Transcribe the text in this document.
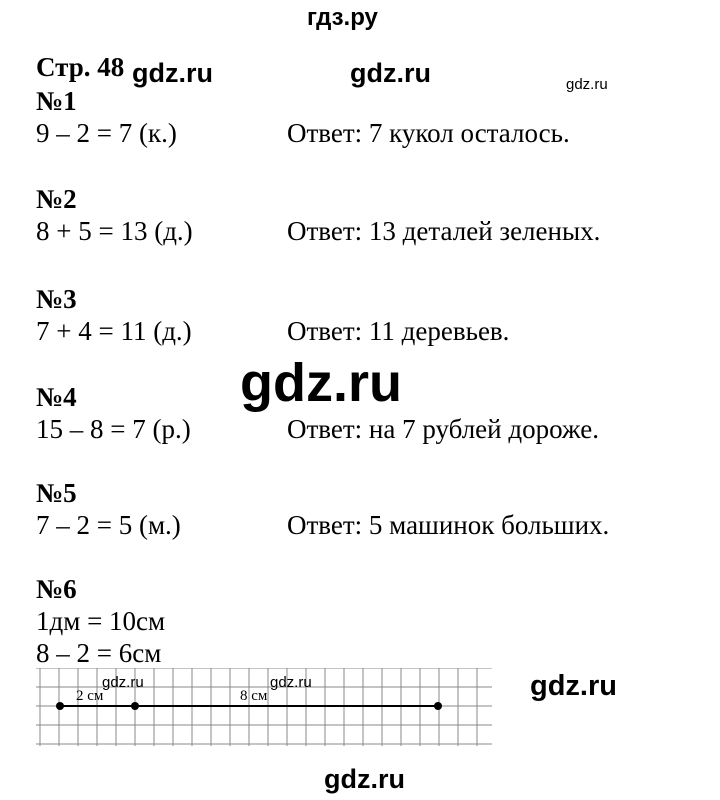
гдз.ру
gdz.ru	gdz.ru	gdz.ru
gdz.ru
gdz.ru
gdz.ru
Стр. 48
№1
9 – 2 = 7 (к.)	Ответ: 7 кукол осталось.
№2
8 + 5 = 13 (д.)	Ответ: 13 деталей зеленых.
№3
7 + 4 = 11 (д.)	Ответ: 11 деревьев.
№4
15 – 8 = 7 (р.)	Ответ: на 7 рублей дороже.
№5
7 – 2 = 5 (м.)	Ответ: 5 машинок больших.
№6
1дм = 10см
8 – 2 = 6см
2 см	8 см
gdz.ru	gdz.ru
